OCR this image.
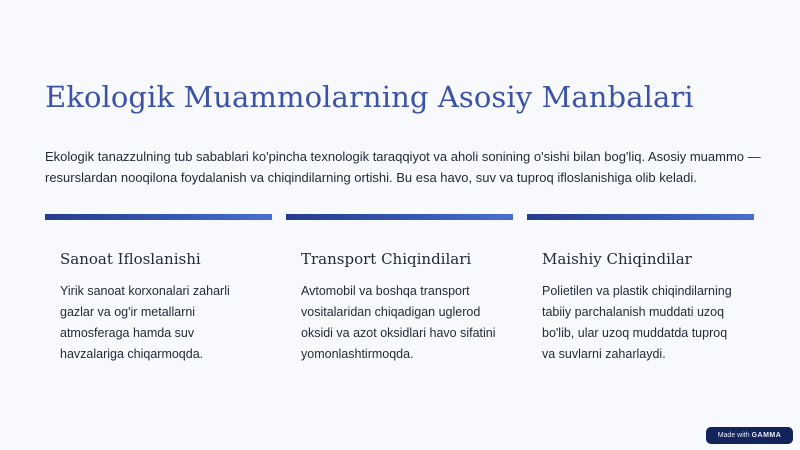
Ekologik Muammolarning Asosiy Manbalari

Ekologik tanazzulning tub sabablari ko'pincha texnologik taraqqiyot va aholi sonining o'sishi bilan bog'liq. Asosiy muammo — resurslardan nooqilona foydalanish va chiqindilarning ortishi. Bu esa havo, suv va tuproq ifloslanishiga olib keladi.

Sanoat Ifloslanishi
Yirik sanoat korxonalari zaharli gazlar va og'ir metallarni atmosferaga hamda suv havzalariga chiqarmoqda.
Transport Chiqindilari
Avtomobil va boshqa transport vositalaridan chiqadigan uglerod oksidi va azot oksidlari havo sifatini yomonlashtirmoqda.
Maishiy Chiqindilar
Polietilen va plastik chiqindilarning tabiiy parchalanish muddati uzoq bo'lib, ular uzoq muddatda tuproq va suvlarni zaharlaydi.
Made with GAMMA
